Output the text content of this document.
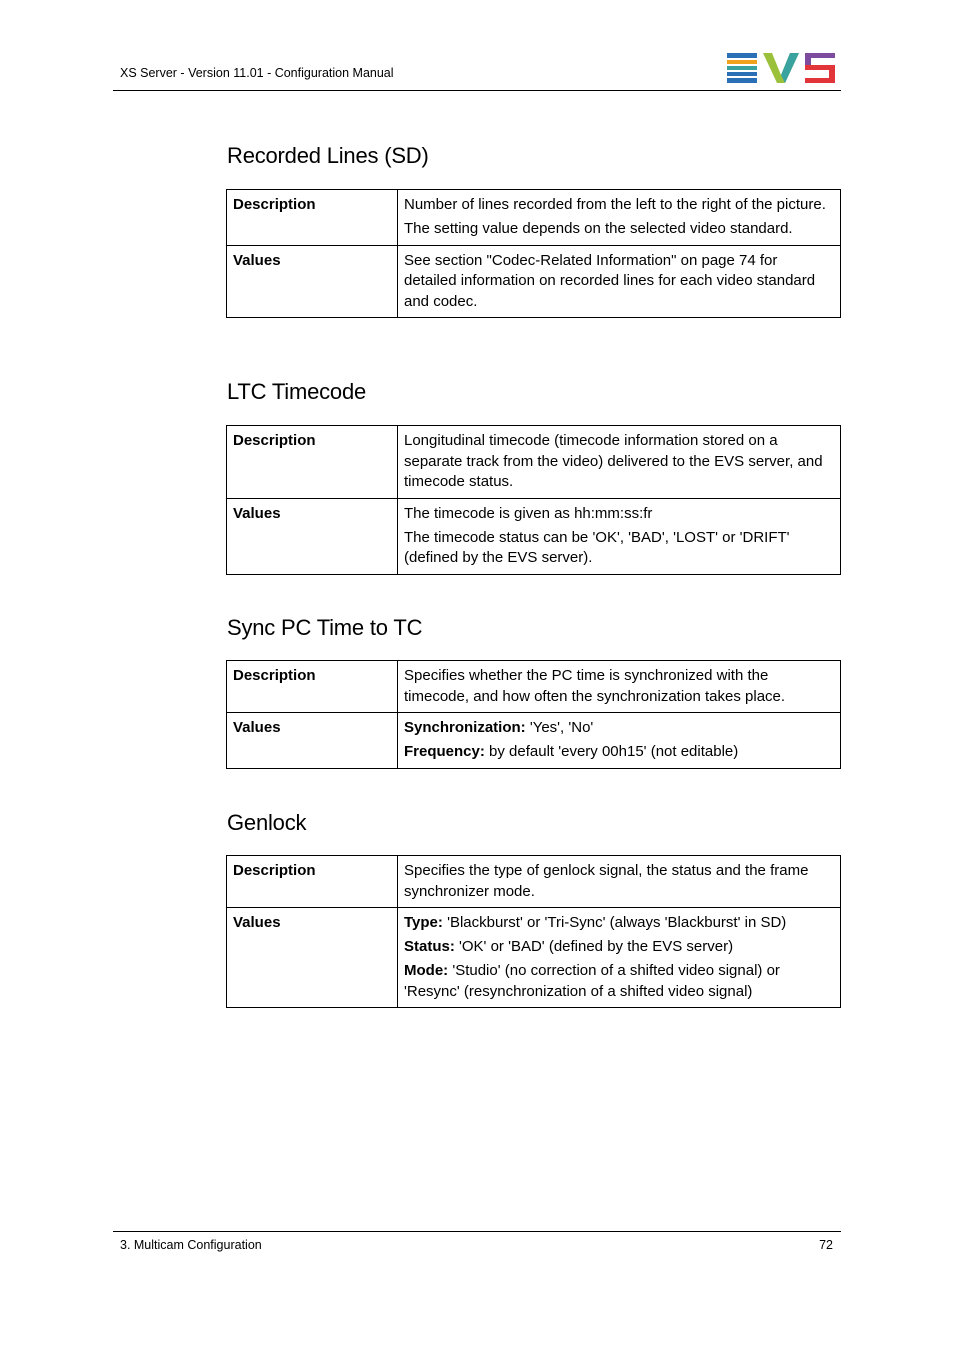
XS Server - Version 11.01 - Configuration Manual
Recorded Lines (SD)
Description	Number of lines recorded from the left to the right of the picture.

The setting value depends on the selected video standard.

Values	See section "Codec-Related Information" on page 74 for detailed information on recorded lines for each video standard and codec.

LTC Timecode
Description	Longitudinal timecode (timecode information stored on a separate track from the video) delivered to the EVS server, and timecode status.

Values	The timecode is given as hh:mm:ss:fr

The timecode status can be 'OK', 'BAD', 'LOST' or 'DRIFT' (defined by the EVS server).

Sync PC Time to TC
Description	Specifies whether the PC time is synchronized with the timecode, and how often the synchronization takes place.

Values	Synchronization: 'Yes', 'No'

Frequency: by default 'every 00h15' (not editable)

Genlock
Description	Specifies the type of genlock signal, the status and the frame synchronizer mode.

Values	Type: 'Blackburst' or 'Tri-Sync' (always 'Blackburst' in SD)

Status: 'OK' or 'BAD' (defined by the EVS server)

Mode: 'Studio' (no correction of a shifted video signal) or 'Resync' (resynchronization of a shifted video signal)

3. Multicam Configuration	72
